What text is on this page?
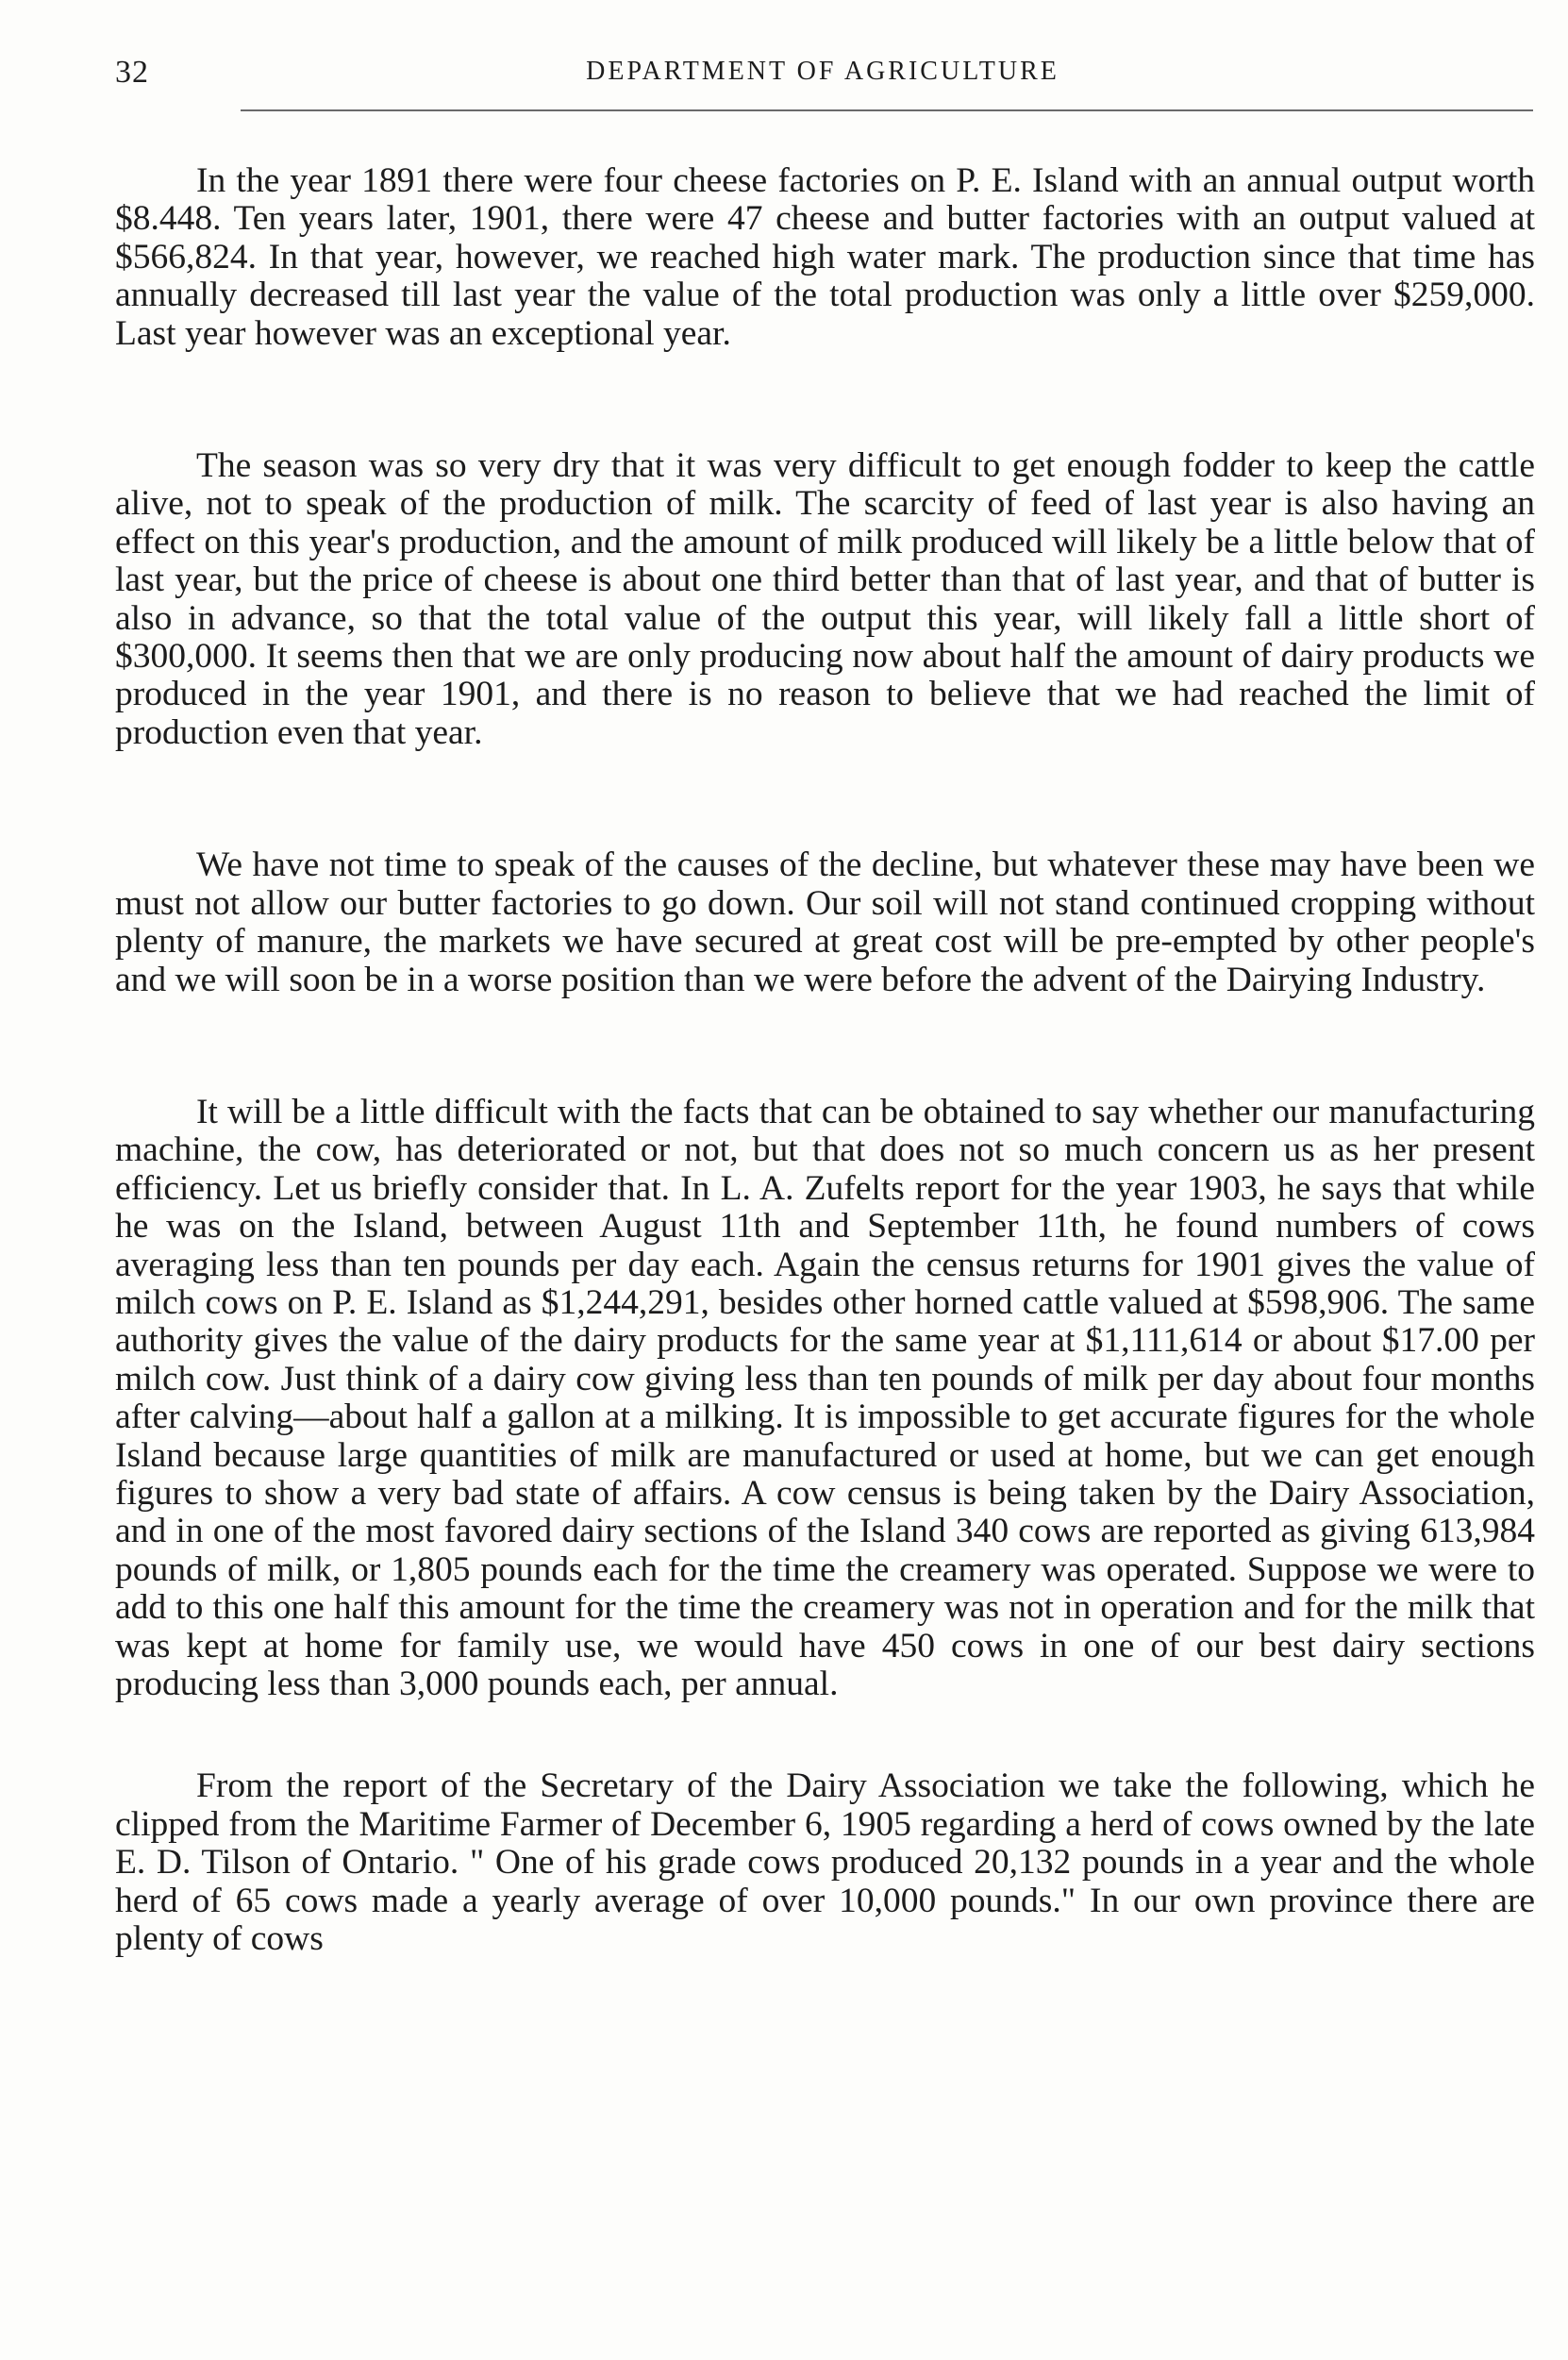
32	DEPARTMENT OF AGRICULTURE

In the year 1891 there were four cheese factories on P. E. Island with an annual output worth $8.448. Ten years later, 1901, there were 47 cheese and butter factories with an output valued at $566,824. In that year, however, we reached high water mark. The production since that time has annually decreased till last year the value of the total production was only a little over $259,000. Last year however was an exceptional year.

The season was so very dry that it was very difficult to get enough fodder to keep the cattle alive, not to speak of the production of milk. The scarcity of feed of last year is also having an effect on this year's production, and the amount of milk produced will likely be a little below that of last year, but the price of cheese is about one third better than that of last year, and that of butter is also in advance, so that the total value of the output this year, will likely fall a little short of $300,000. It seems then that we are only producing now about half the amount of dairy products we produced in the year 1901, and there is no reason to believe that we had reached the limit of production even that year.

We have not time to speak of the causes of the decline, but whatever these may have been we must not allow our butter factories to go down. Our soil will not stand continued cropping without plenty of manure, the markets we have secured at great cost will be pre-empted by other people's and we will soon be in a worse position than we were before the advent of the Dairying Industry.

It will be a little difficult with the facts that can be obtained to say whether our manufacturing machine, the cow, has deteriorated or not, but that does not so much concern us as her present efficiency. Let us briefly consider that. In L. A. Zufelts report for the year 1903, he says that while he was on the Island, between August 11th and September 11th, he found numbers of cows averaging less than ten pounds per day each. Again the census returns for 1901 gives the value of milch cows on P. E. Island as $1,244,291, besides other horned cattle valued at $598,906. The same authority gives the value of the dairy products for the same year at $1,111,614 or about $17.00 per milch cow. Just think of a dairy cow giving less than ten pounds of milk per day about four months after calving—about half a gallon at a milking. It is impossible to get accurate figures for the whole Island because large quantities of milk are manufactured or used at home, but we can get enough figures to show a very bad state of affairs. A cow census is being taken by the Dairy Association, and in one of the most favored dairy sections of the Island 340 cows are reported as giving 613,984 pounds of milk, or 1,805 pounds each for the time the creamery was operated. Suppose we were to add to this one half this amount for the time the creamery was not in operation and for the milk that was kept at home for family use, we would have 450 cows in one of our best dairy sections producing less than 3,000 pounds each, per annual.

From the report of the Secretary of the Dairy Association we take the following, which he clipped from the Maritime Farmer of December 6, 1905 regarding a herd of cows owned by the late E. D. Tilson of Ontario. " One of his grade cows produced 20,132 pounds in a year and the whole herd of 65 cows made a yearly average of over 10,000 pounds." In our own province there are plenty of cows
